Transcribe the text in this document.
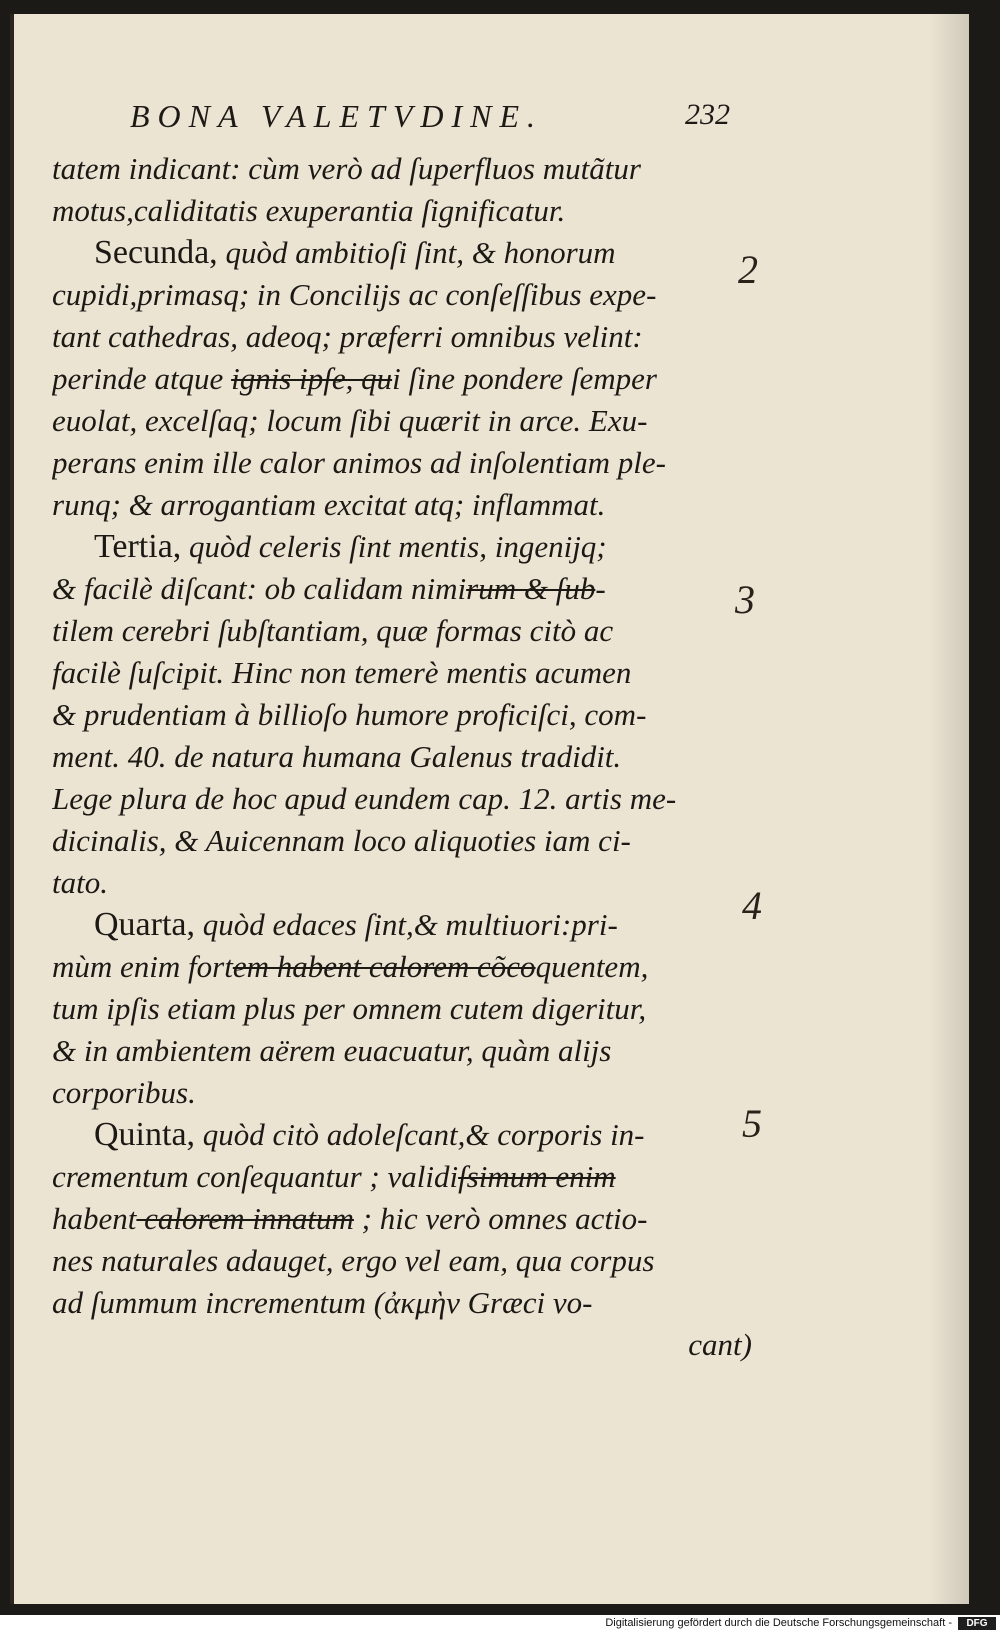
BONA VALETVDINE.	232
tatem indicant: cùm verò ad ſuperfluos mutãtur
motus,caliditatis exuperantia ſignificatur.
Secunda, quòd ambitioſi ſint, & honorum
cupidi,primasq; in Concilijs ac conſeſſibus expe-
tant cathedras, adeoq; præferri omnibus velint:
perinde atque ignis ipſe, qui ſine pondere ſemper
euolat, excelſaq; locum ſibi quærit in arce. Exu-
perans enim ille calor animos ad inſolentiam ple-
runq; & arrogantiam excitat atq; inflammat.
Tertia, quòd celeris ſint mentis, ingenijq;
& facilè diſcant: ob calidam nimirum & ſub-
tilem cerebri ſubſtantiam, quæ formas citò ac
facilè ſuſcipit. Hinc non temerè mentis acumen
& prudentiam à billioſo humore proficiſci, com-
ment. 40. de natura humana Galenus tradidit.
Lege plura de hoc apud eundem cap. 12. artis me-
dicinalis, & Auicennam loco aliquoties iam ci-
tato.
Quarta, quòd edaces ſint,& multiuori:pri-
mùm enim fortem habent calorem cõcoquentem,
tum ipſis etiam plus per omnem cutem digeritur,
& in ambientem aërem euacuatur, quàm alijs
corporibus.
Quinta, quòd citò adoleſcant,& corporis in-
crementum conſequantur ; validiſsimum enim
habent calorem innatum ; hic verò omnes actio-
nes naturales adauget, ergo vel eam, qua corpus
ad ſummum incrementum (ἀκμὴν Græci vo-
cant)
2
3
4
5
Digitalisierung gefördert durch die Deutsche Forschungsgemeinschaft -	DFG
